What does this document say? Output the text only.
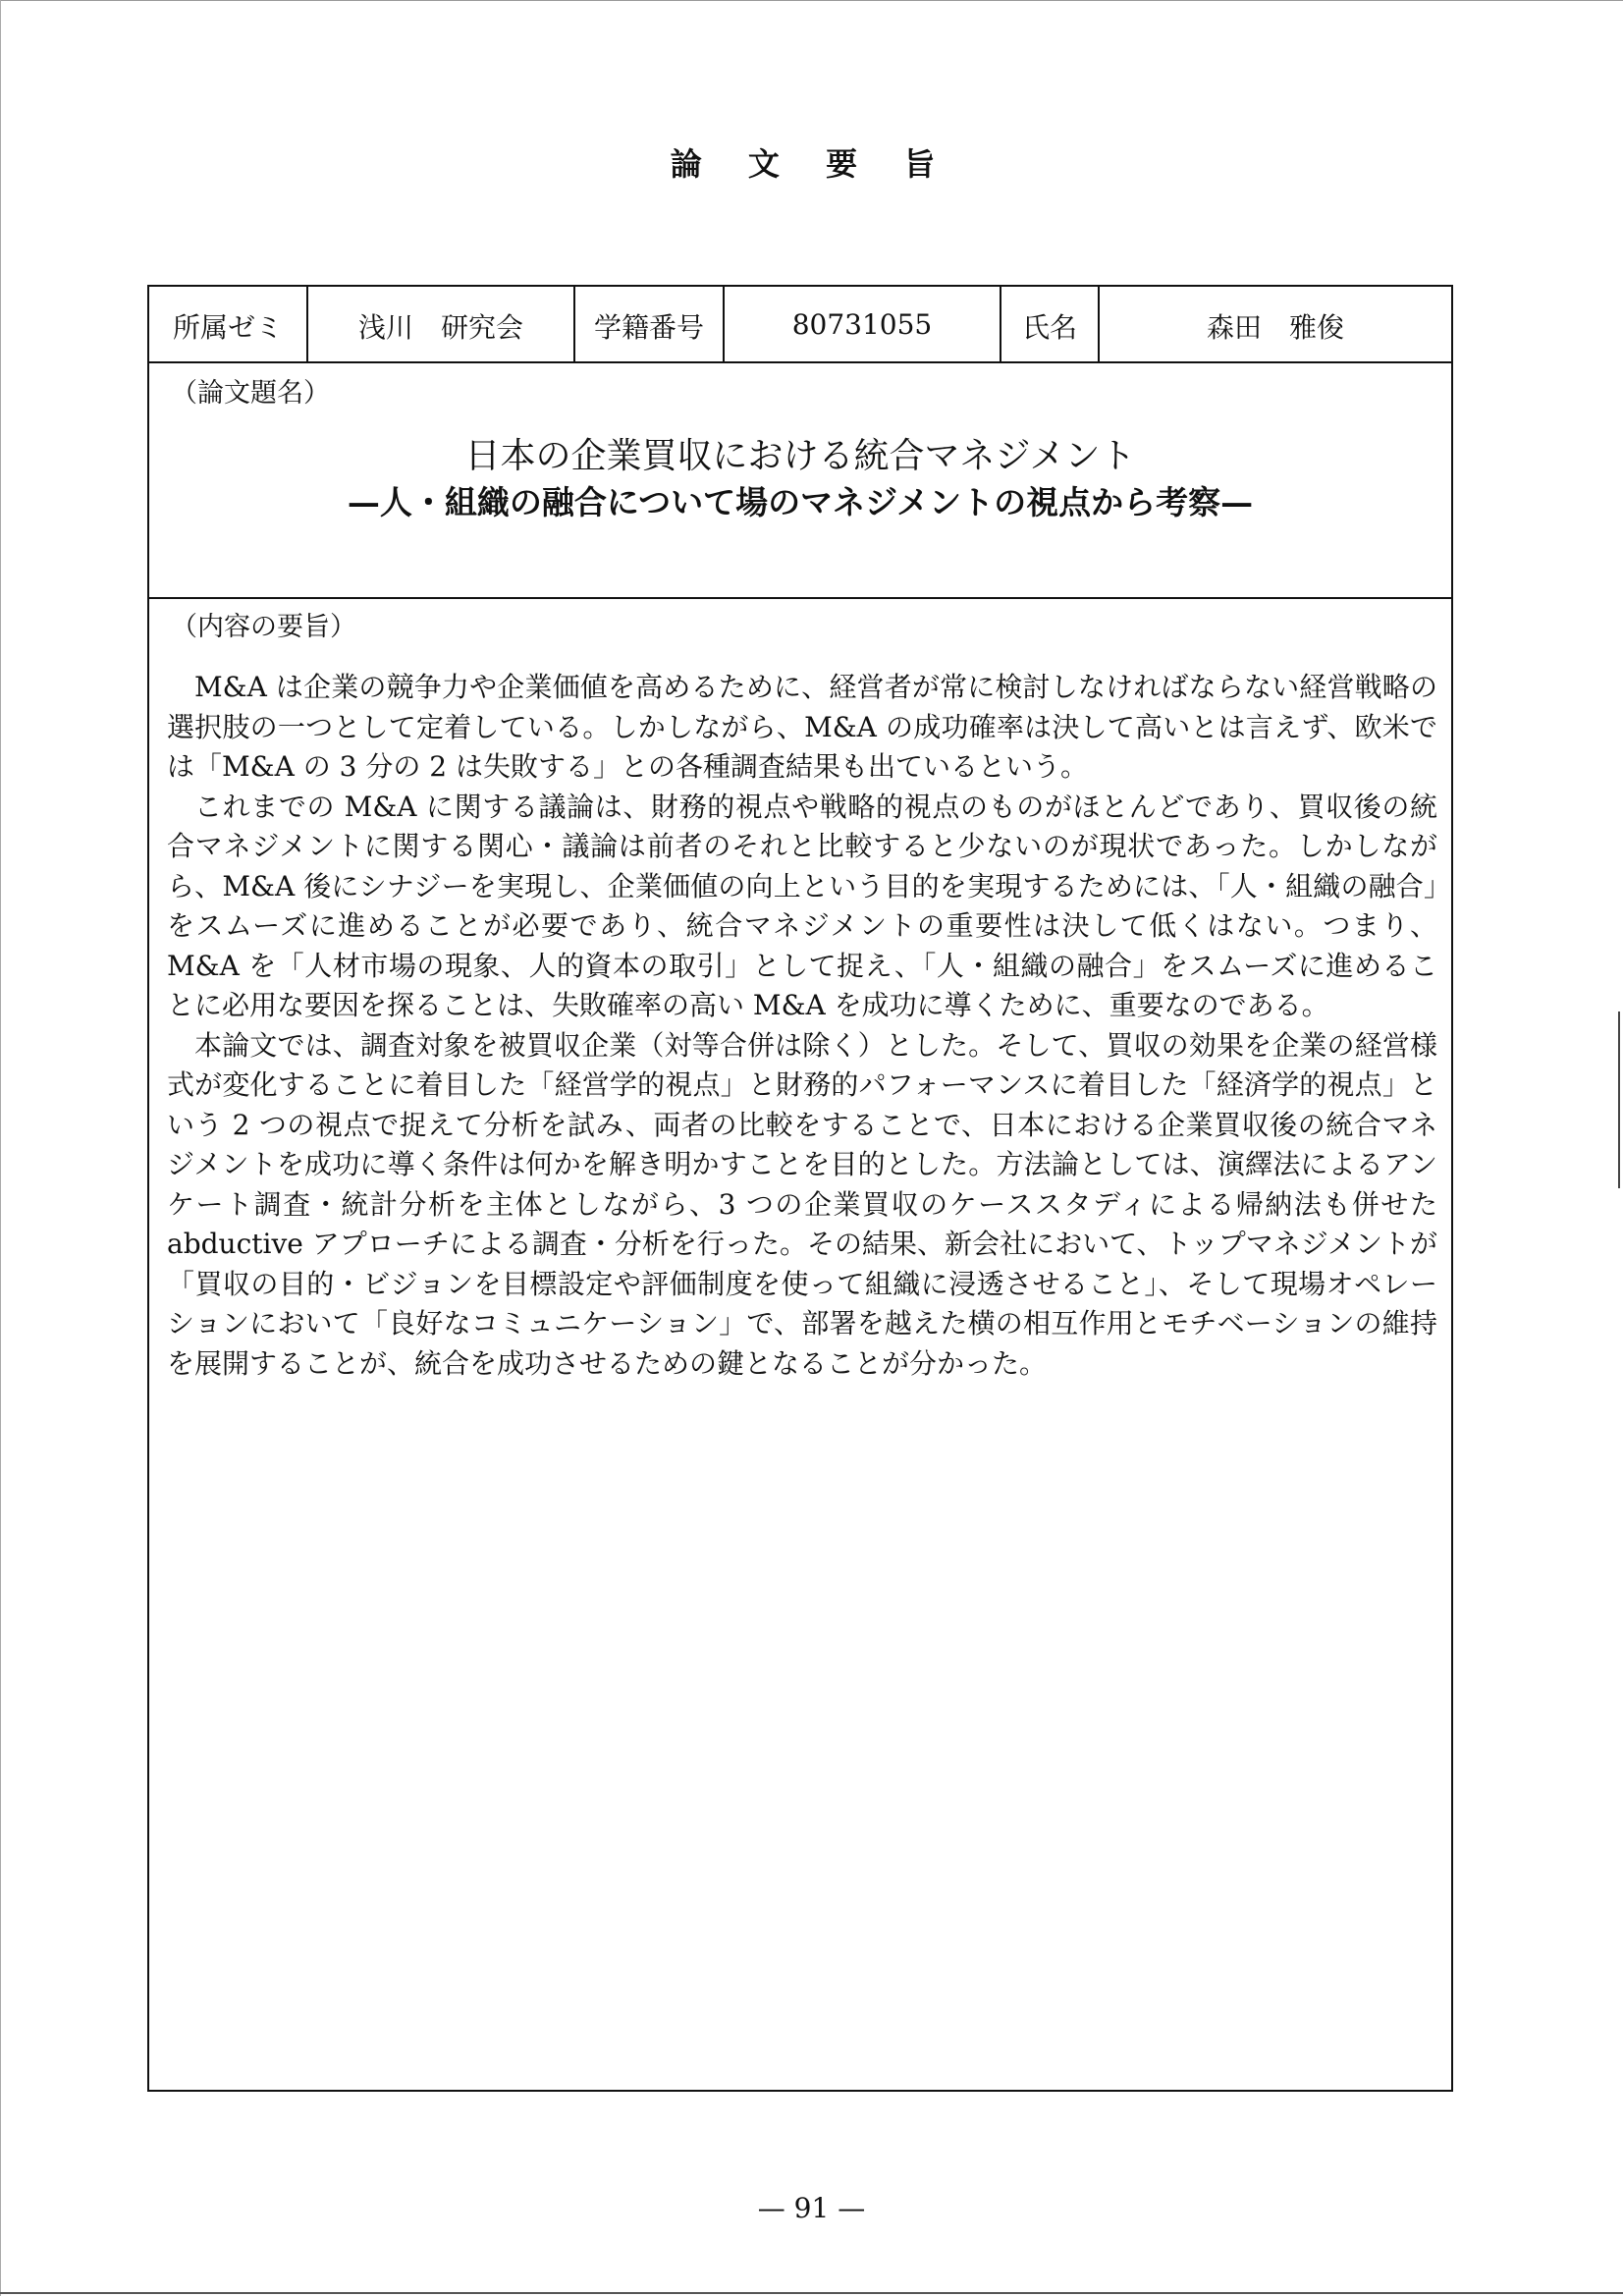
論 文 要 旨
所属ゼミ	浅川　研究会	学籍番号	80731055	氏名	森田　雅俊
（論文題名）
日本の企業買収における統合マネジメント
—人・組織の融合について場のマネジメントの視点から考察—
（内容の要旨）

M&A は企業の競争力や企業価値を高めるために、経営者が常に検討しなければならない経営戦略の選択肢の一つとして定着している。しかしながら、M&A の成功確率は決して高いとは言えず、欧米では「M&A の 3 分の 2 は失敗する」との各種調査結果も出ているという。

これまでの M&A に関する議論は、財務的視点や戦略的視点のものがほとんどであり、買収後の統合マネジメントに関する関心・議論は前者のそれと比較すると少ないのが現状であった。しかしながら、M&A 後にシナジーを実現し、企業価値の向上という目的を実現するためには、「人・組織の融合」をスムーズに進めることが必要であり、統合マネジメントの重要性は決して低くはない。つまり、M&A を「人材市場の現象、人的資本の取引」として捉え、「人・組織の融合」をスムーズに進めることに必用な要因を探ることは、失敗確率の高い M&A を成功に導くために、重要なのである。

本論文では、調査対象を被買収企業（対等合併は除く）とした。そして、買収の効果を企業の経営様式が変化することに着目した「経営学的視点」と財務的パフォーマンスに着目した「経済学的視点」という 2 つの視点で捉えて分析を試み、両者の比較をすることで、日本における企業買収後の統合マネジメントを成功に導く条件は何かを解き明かすことを目的とした。方法論としては、演繹法によるアンケート調査・統計分析を主体としながら、3 つの企業買収のケーススタディによる帰納法も併せた abductive アプローチによる調査・分析を行った。その結果、新会社において、トップマネジメントが「買収の目的・ビジョンを目標設定や評価制度を使って組織に浸透させること」、そして現場オペレーションにおいて「良好なコミュニケーション」で、部署を越えた横の相互作用とモチベーションの維持を展開することが、統合を成功させるための鍵となることが分かった。

— 91 —
